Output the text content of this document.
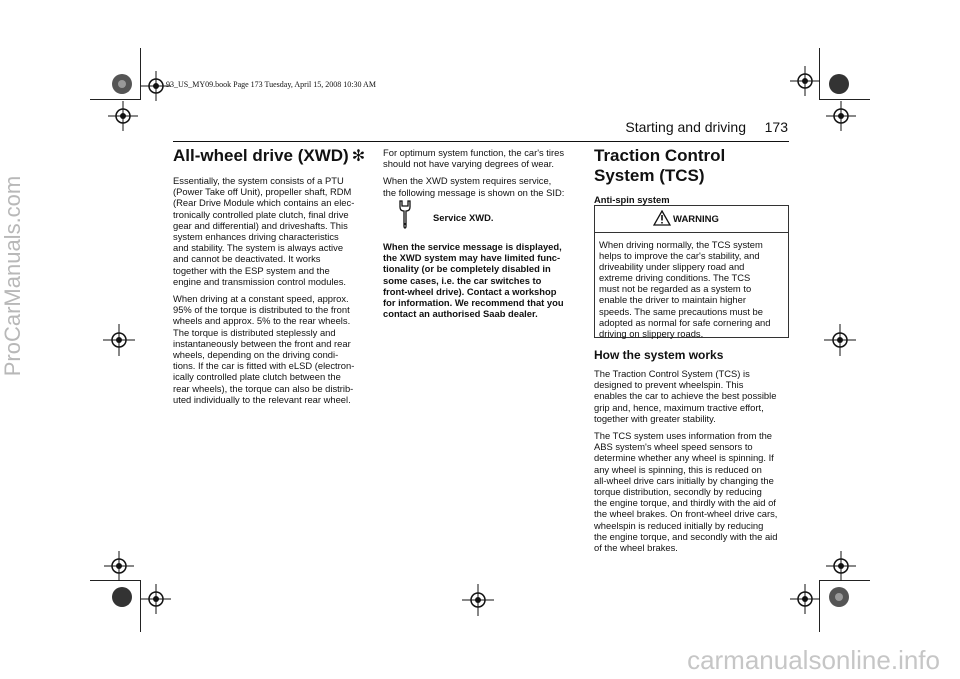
93_US_MY09.book Page 173 Tuesday, April 15, 2008 10:30 AM
ProCarManuals.com
carmanualsonline.info
Starting and driving	173
All-wheel drive (XWD) ✻

Essentially, the system consists of a PTU
(Power Take off Unit), propeller shaft, RDM
(Rear Drive Module which contains an elec-
tronically controlled plate clutch, final drive
gear and differential) and driveshafts. This
system enhances driving characteristics
and stability. The system is always active
and cannot be deactivated. It works
together with the ESP system and the
engine and transmission control modules.

When driving at a constant speed, approx.
95% of the torque is distributed to the front
wheels and approx. 5% to the rear wheels.
The torque is distributed steplessly and
instantaneously between the front and rear
wheels, depending on the driving condi-
tions. If the car is fitted with eLSD (electron-
ically controlled plate clutch between the
rear wheels), the torque can also be distrib-
uted individually to the relevant rear wheel.

For optimum system function, the car's tires
should not have varying degrees of wear.

When the XWD system requires service,
the following message is shown on the SID:

Service XWD.
When the service message is displayed,
the XWD system may have limited func-
tionality (or be completely disabled in
some cases, i.e. the car switches to
front-wheel drive). Contact a workshop
for information. We recommend that you
contact an authorised Saab dealer.
Traction Control
System (TCS)
Anti-spin system
WARNING
When driving normally, the TCS system
helps to improve the car's stability, and
driveability under slippery road and
extreme driving conditions. The TCS
must not be regarded as a system to
enable the driver to maintain higher
speeds. The same precautions must be
adopted as normal for safe cornering and
driving on slippery roads.
How the system works

The Traction Control System (TCS) is
designed to prevent wheelspin. This
enables the car to achieve the best possible
grip and, hence, maximum tractive effort,
together with greater stability.

The TCS system uses information from the
ABS system's wheel speed sensors to
determine whether any wheel is spinning. If
any wheel is spinning, this is reduced on
all-wheel drive cars initially by changing the
torque distribution, secondly by reducing
the engine torque, and thirdly with the aid of
the wheel brakes. On front-wheel drive cars,
wheelspin is reduced initially by reducing
the engine torque, and secondly with the aid
of the wheel brakes.
